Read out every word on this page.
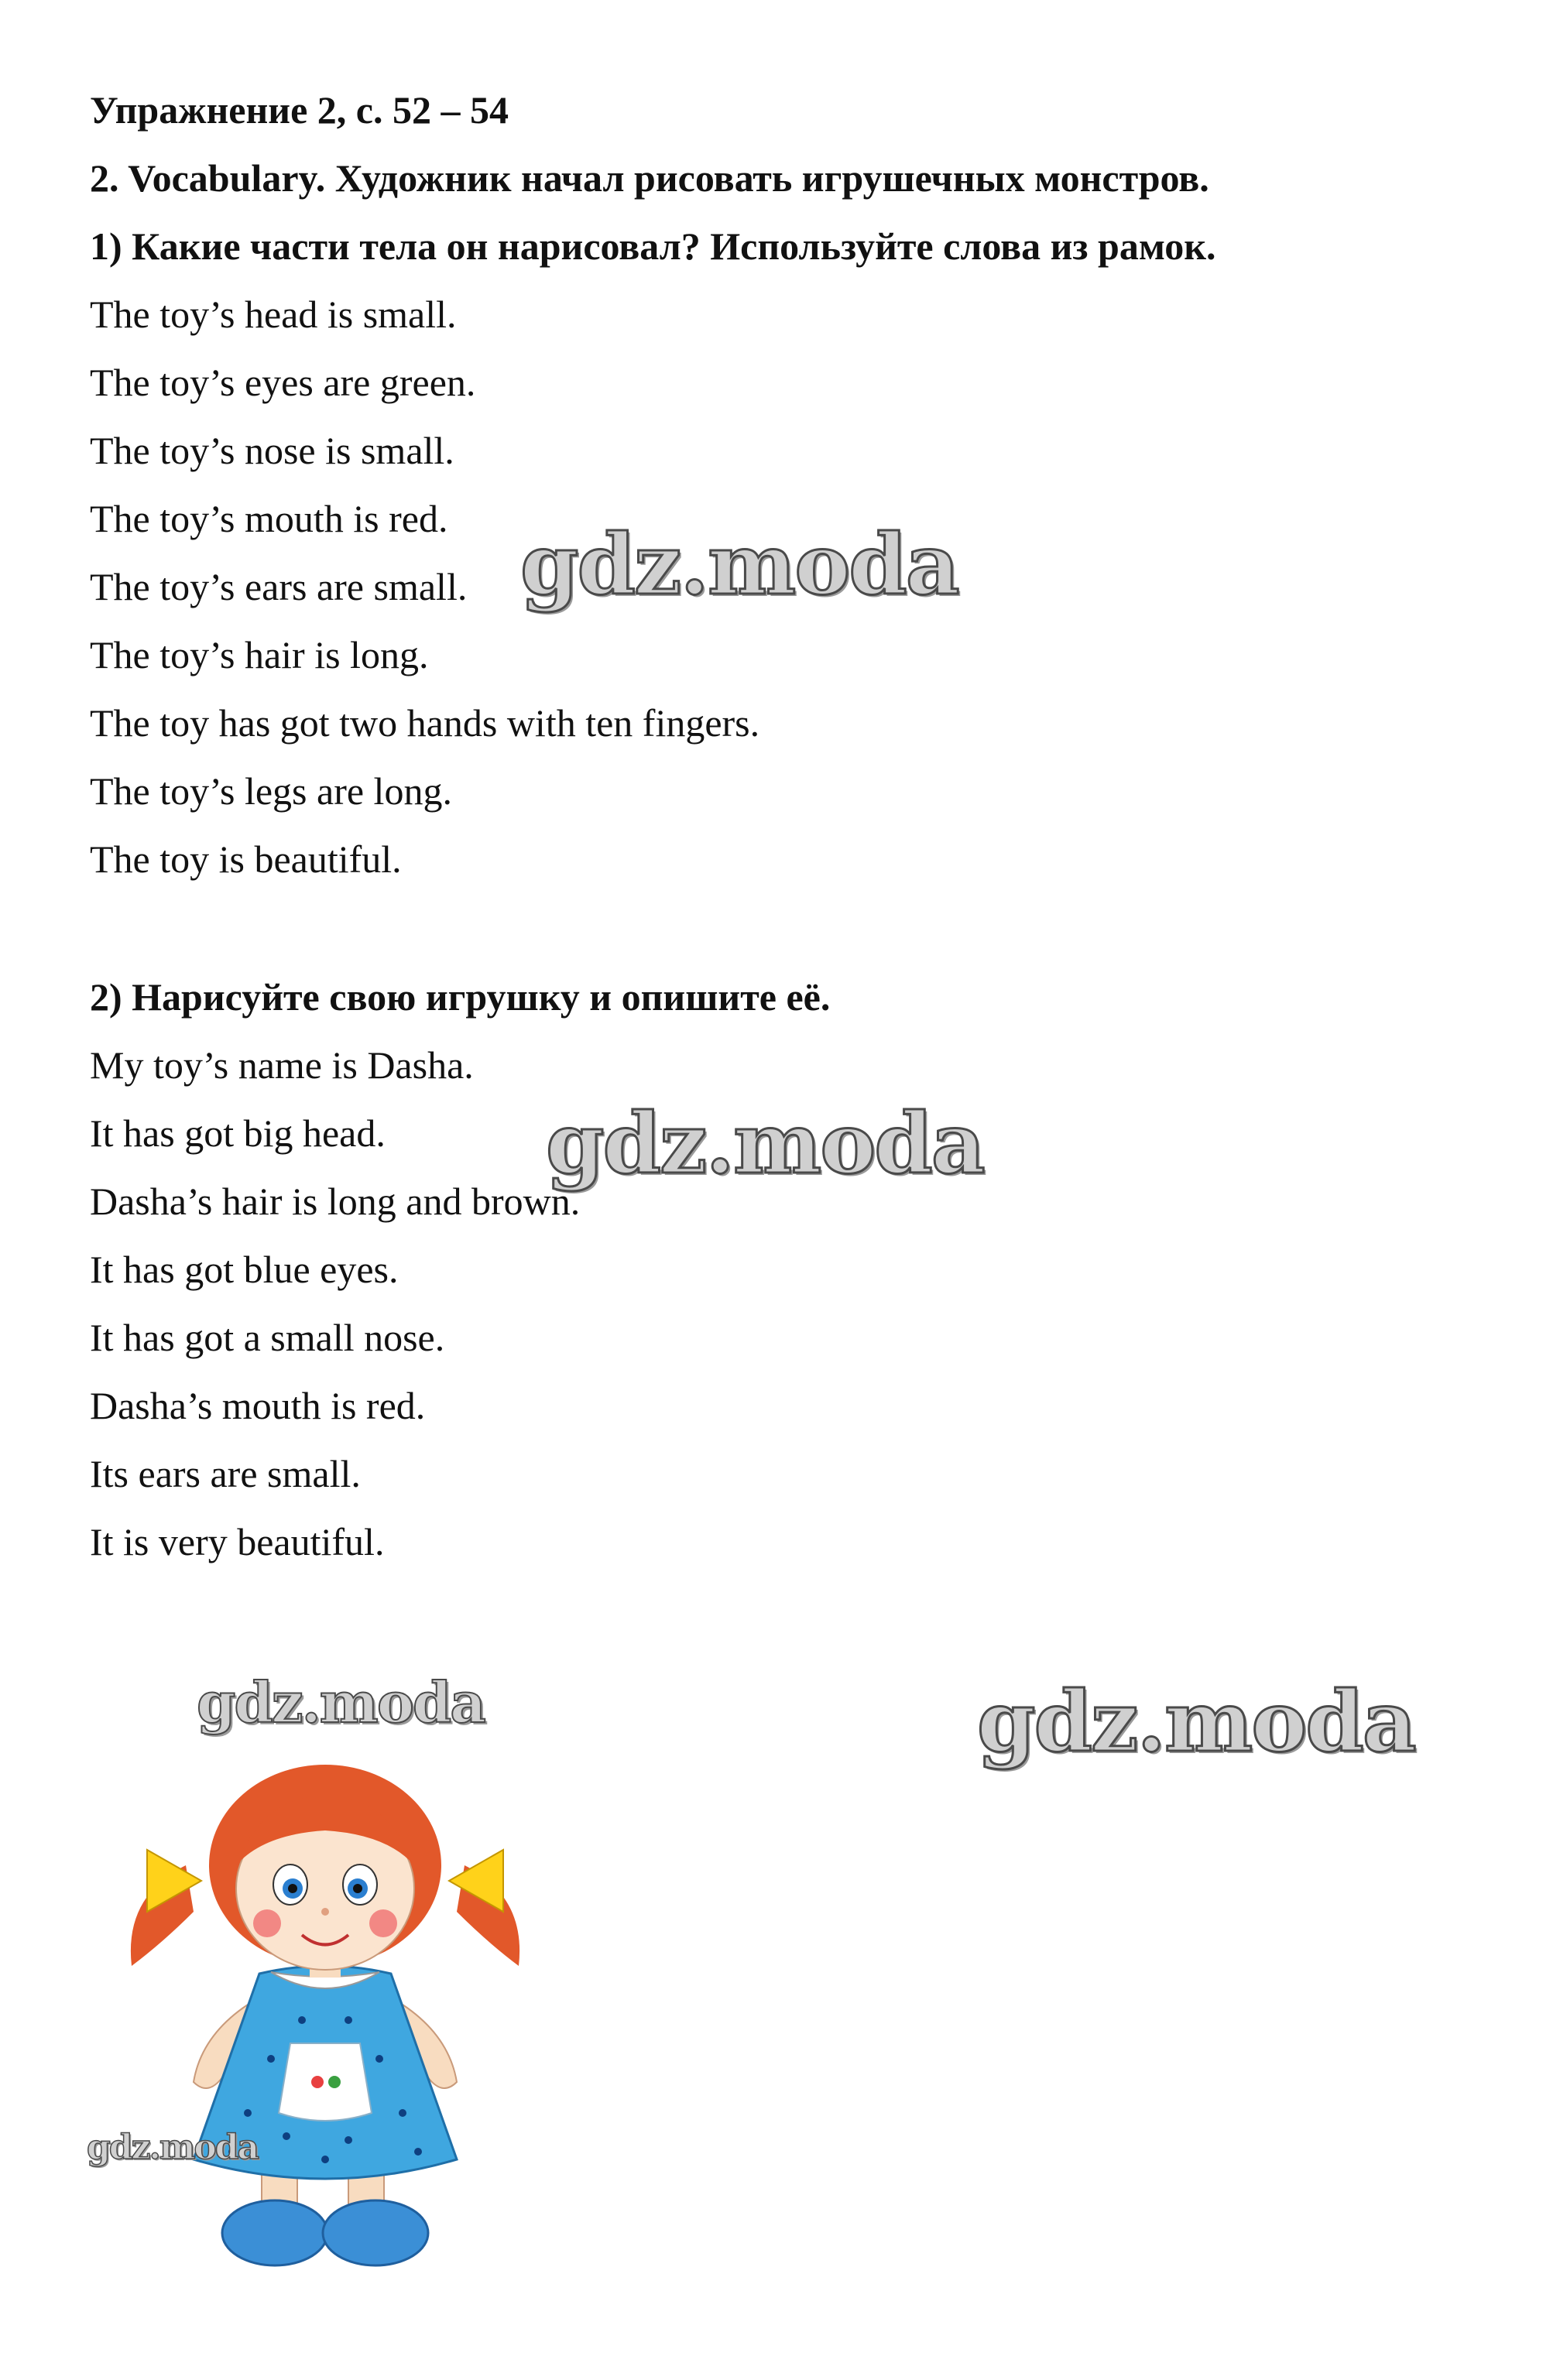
Упражнение 2, с. 52 – 54
2. Vocabulary. Художник начал рисовать игрушечных монстров.
1) Какие части тела он нарисовал? Используйте слова из рамок.
The toy’s head is small.
The toy’s eyes are green.
The toy’s nose is small.
The toy’s mouth is red.
The toy’s ears are small.
The toy’s hair is long.
The toy has got two hands with ten fingers.
The toy’s legs are long.
The toy is beautiful.
2) Нарисуйте свою игрушку и опишите её.
My toy’s name is Dasha.
It has got big head.
Dasha’s hair is long and brown.
It has got blue eyes.
It has got a small nose.
Dasha’s mouth is red.
Its ears are small.
It is very beautiful.
gdz.moda
gdz.moda
gdz.moda	gdz.moda
gdz.moda
